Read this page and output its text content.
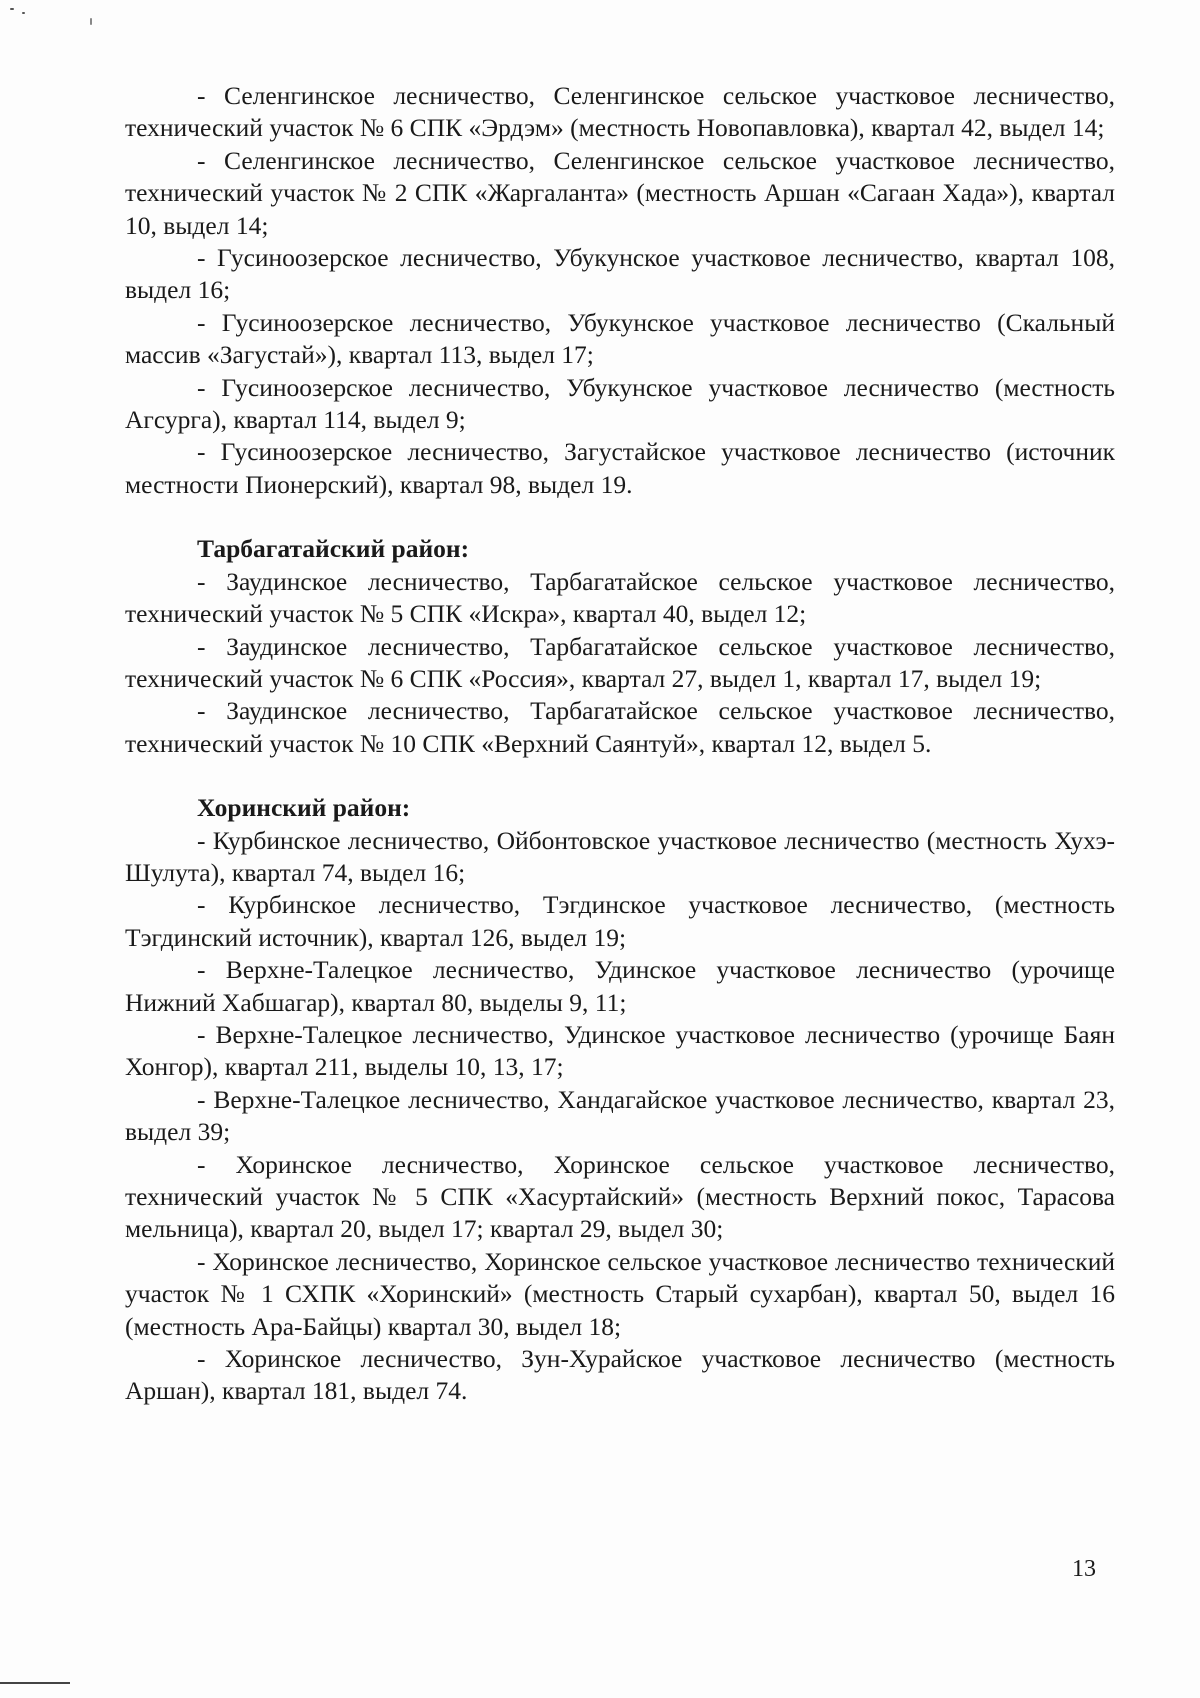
- Селенгинское лесничество, Селенгинское сельское участковое лесничество, технический участок № 6 СПК «Эрдэм» (местность Новопавловка), квартал 42, выдел 14;

- Селенгинское лесничество, Селенгинское сельское участковое лесничество, технический участок № 2 СПК «Жаргаланта» (местность Аршан «Сагаан Хада»), квартал 10, выдел 14;

- Гусиноозерское лесничество, Убукунское участковое лесничество, квартал 108, выдел 16;

- Гусиноозерское лесничество, Убукунское участковое лесничество (Скальный массив «Загустай»), квартал 113, выдел 17;

- Гусиноозерское лесничество, Убукунское участковое лесничество (местность Агсурга), квартал 114, выдел 9;

- Гусиноозерское лесничество, Загустайское участковое лесничество (источник местности Пионерский), квартал 98, выдел 19.

Тарбагатайский район:

- Заудинское лесничество, Тарбагатайское сельское участковое лесничество, технический участок № 5 СПК «Искра», квартал 40, выдел 12;

- Заудинское лесничество, Тарбагатайское сельское участковое лесничество, технический участок № 6 СПК «Россия», квартал 27, выдел 1, квартал 17, выдел 19;

- Заудинское лесничество, Тарбагатайское сельское участковое лесничество, технический участок № 10 СПК «Верхний Саянтуй», квартал 12, выдел 5.

Хоринский район:

- Курбинское лесничество, Ойбонтовское участковое лесничество (местность Хухэ-Шулута), квартал 74, выдел 16;

- Курбинское лесничество, Тэгдинское участковое лесничество, (местность Тэгдинский источник), квартал 126, выдел 19;

- Верхне-Талецкое лесничество, Удинское участковое лесничество (урочище Нижний Хабшагар), квартал 80, выделы 9, 11;

- Верхне-Талецкое лесничество, Удинское участковое лесничество (урочище Баян Хонгор), квартал 211, выделы 10, 13, 17;

- Верхне-Талецкое лесничество, Хандагайское участковое лесничество, квартал 23, выдел 39;

- Хоринское лесничество, Хоринское сельское участковое лесничество, технический участок № 5 СПК «Хасуртайский» (местность Верхний покос, Тарасова мельница), квартал 20, выдел 17; квартал 29, выдел 30;

- Хоринское лесничество, Хоринское сельское участковое лесничество технический участок № 1 СХПК «Хоринский» (местность Старый сухарбан), квартал 50, выдел 16 (местность Ара-Байцы) квартал 30, выдел 18;

- Хоринское лесничество, Зун-Хурайское участковое лесничество (местность Аршан), квартал 181, выдел 74.

13
